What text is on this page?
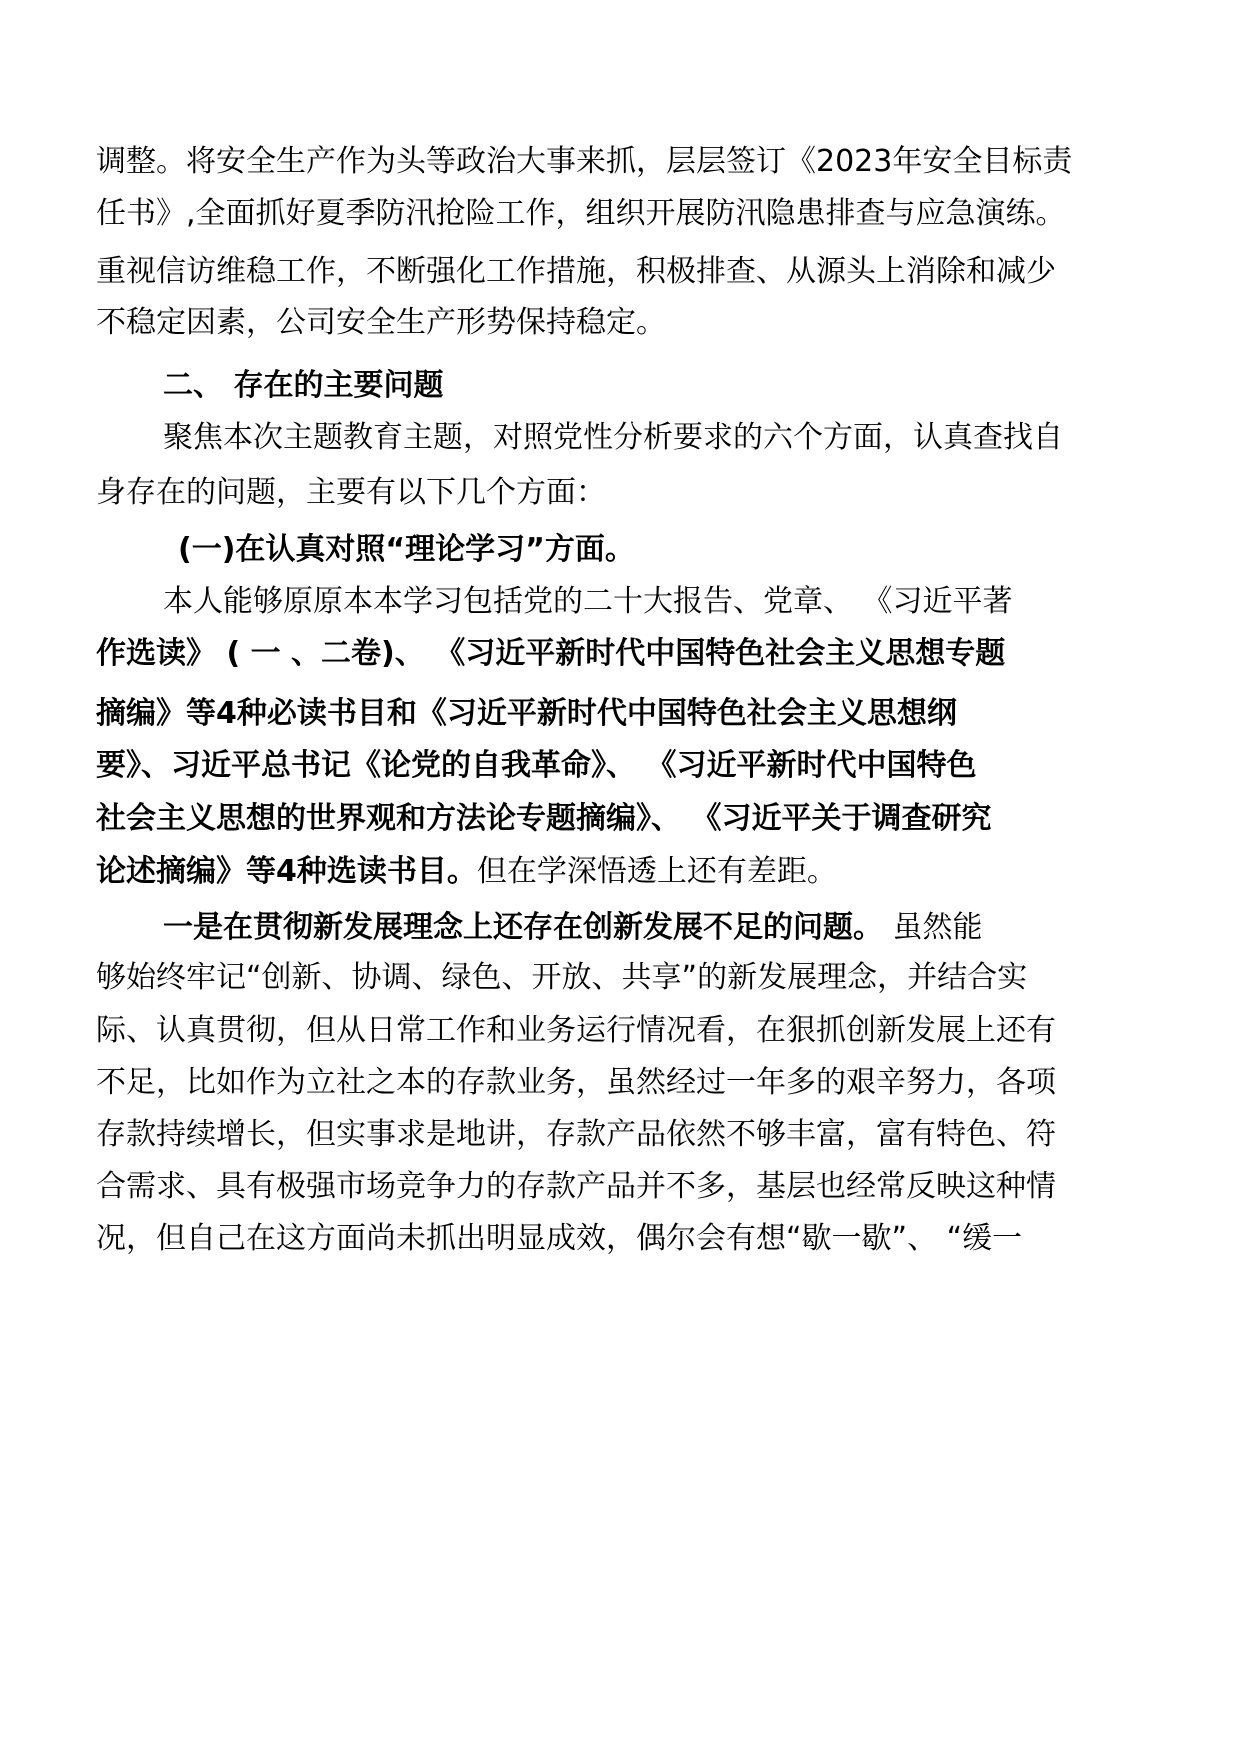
调整。将安全生产作为头等政治大事来抓，层层签订《2023年安全目标责
任书》,全面抓好夏季防汛抢险工作，组织开展防汛隐患排查与应急演练。
重视信访维稳工作，不断强化工作措施，积极排查、从源头上消除和减少
不稳定因素，公司安全生产形势保持稳定。
二、 存在的主要问题
聚焦本次主题教育主题，对照党性分析要求的六个方面，认真查找自
身存在的问题，主要有以下几个方面：
(一)在认真对照“理论学习”方面。
本人能够原原本本学习包括党的二十大报告、党章、 《习近平著
作选读》 ( 一 、二卷)、 《习近平新时代中国特色社会主义思想专题
摘编》等4种必读书目和《习近平新时代中国特色社会主义思想纲
要》、习近平总书记《论党的自我革命》、 《习近平新时代中国特色
社会主义思想的世界观和方法论专题摘编》、 《习近平关于调查研究
论述摘编》等4种选读书目。但在学深悟透上还有差距。
一是在贯彻新发展理念上还存在创新发展不足的问题。 虽然能
够始终牢记“创新、协调、绿色、开放、共享”的新发展理念，并结合实
际、认真贯彻，但从日常工作和业务运行情况看，在狠抓创新发展上还有
不足，比如作为立社之本的存款业务，虽然经过一年多的艰辛努力，各项
存款持续增长，但实事求是地讲，存款产品依然不够丰富，富有特色、符
合需求、具有极强市场竞争力的存款产品并不多，基层也经常反映这种情
况，但自己在这方面尚未抓出明显成效，偶尔会有想“歇一歇”、 “缓一
